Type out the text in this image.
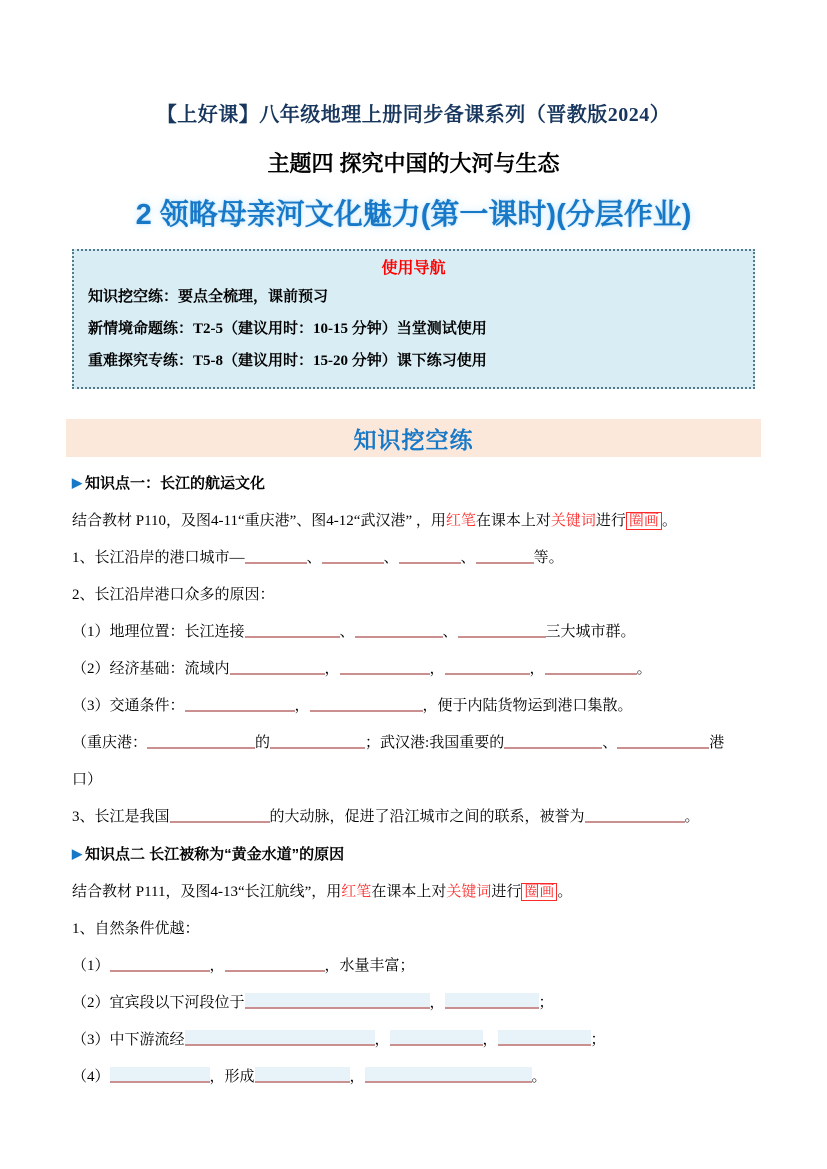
【上好课】八年级地理上册同步备课系列（晋教版2024）
主题四 探究中国的大河与生态
2 领略母亲河文化魅力(第一课时)(分层作业)
使用导航
知识挖空练：要点全梳理，课前预习
新情境命题练：T2-5（建议用时：10-15 分钟）当堂测试使用
重难探究专练：T5-8（建议用时：15-20 分钟）课下练习使用
知识挖空练

▶ 知识点一：长江的航运文化

结合教材 P110，及图4-11“重庆港”、图4-12“武汉港” ，用红笔在课本上对关键词进行 圈画 。

1、长江沿岸的港口城市—	、	、	、	等。

2、长江沿岸港口众多的原因：

（1）地理位置：长江连接	、	、	三大城市群。

（2）经济基础：流域内	，	，	，	。

（3）交通条件：	，	，便于内陆货物运到港口集散。

（重庆港：	的	；武汉港:我国重要的	、	港

口）

3、长江是我国	的大动脉，促进了沿江城市之间的联系，被誉为	。

▶ 知识点二 长江被称为“黄金水道”的原因

结合教材 P111，及图4-13“长江航线”，用红笔在课本上对关键词进行 圈画 。

1、自然条件优越：

（1）	，	，水量丰富；

（2）宜宾段以下河段位于	，	；

（3）中下游流经	，	，	；

（4）	，形成	，	。
